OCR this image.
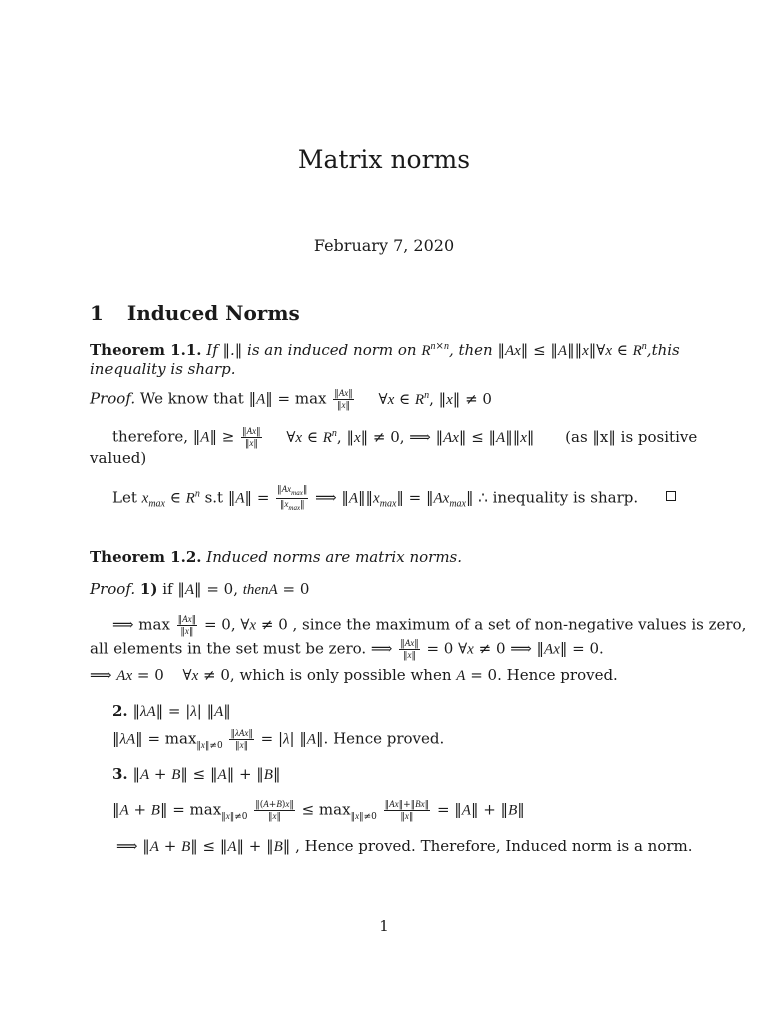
Matrix norms
February 7, 2020
1 Induced Norms
Theorem 1.1. If ‖.‖ is an induced norm on $R^{n\times n}$, then ‖Ax‖ ≤ ‖A‖‖x‖∀x ∈ $R^n,this$
inequality is sharp.
Proof. We know that ‖A‖ = $\max \frac{‖Ax‖}{‖x‖}$ ∀x ∈ $R^n$, ‖x‖ ≠ 0
therefore, ‖A‖ ≥ $\frac{‖Ax‖}{‖x‖}$ ∀x ∈ $R^n$, ‖x‖ ≠ 0, ⟹ ‖Ax‖ ≤ ‖A‖‖x‖ (as ‖x‖ is positive
valued)
Let $x_{max}$ ∈ $R^n$ s.t ‖A‖ = $\frac{‖Ax_{max}‖}{‖x_{max}‖}$ ⟹ $‖A‖‖x_{max}‖$ = $‖Ax_{max}‖$ ∴ inequality is sharp.
Theorem 1.2. Induced norms are matrix norms.
Proof. 1) if ‖A‖ = 0, thenA = 0
⟹ $\max \frac{‖Ax‖}{‖x‖} = 0$, ∀x ≠ 0 , since the maximum of a set of non-negative values is zero,
all elements in the set must be zero. ⟹ $\frac{‖Ax‖}{‖x‖} = 0$ ∀x ≠ 0 ⟹ ‖Ax‖ = 0.
⟹ Ax = 0 ∀x ≠ 0, which is only possible when A = 0. Hence proved.
2. ‖λA‖ = |λ| ‖A‖
‖λA‖ = $\max_{‖x‖\ne 0} \frac{\text{‖λAx‖}}{‖x‖} = |\lambda|$ ‖A‖. Hence proved.
3. ‖A + B‖ ≤ ‖A‖ + ‖B‖
‖A + B‖ = $\max_{‖x‖\ne 0} \frac{‖(A+B)x‖}{‖x‖} \le \max_{‖x‖\ne 0} \frac{‖Ax‖+‖Bx‖}{‖x‖}$ = ‖A‖ + ‖B‖
⟹ ‖A + B‖ ≤ ‖A‖ + ‖B‖ , Hence proved. Therefore, Induced norm is a norm.
1
